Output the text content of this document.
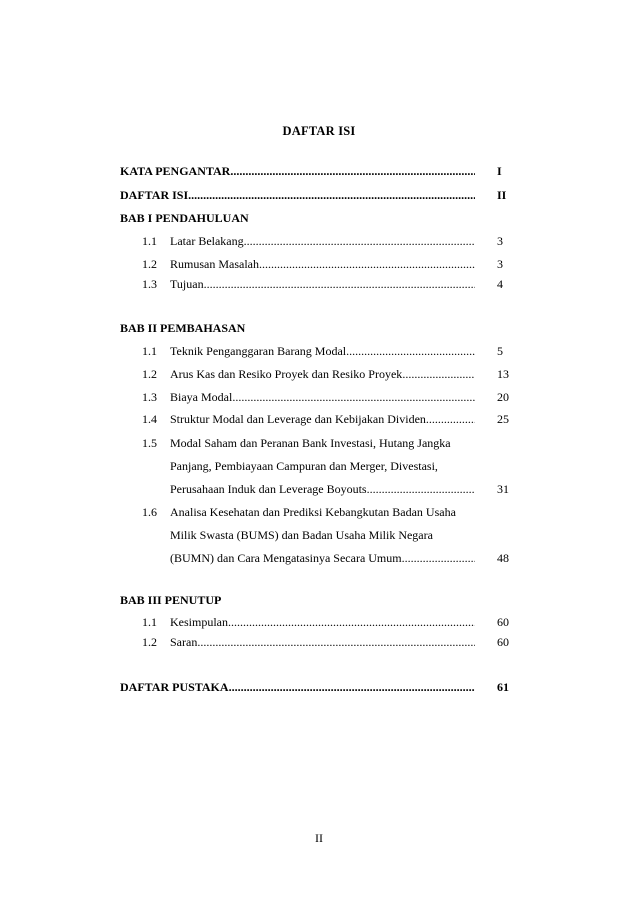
DAFTAR ISI
KATA PENGANTAR .....	I
DAFTAR ISI .....	II
BAB I PENDAHULUAN
1.1 Latar Belakang .....	3
1.2 Rumusan Masalah .....	3
1.3 Tujuan .....	4
BAB II PEMBAHASAN
1.1 Teknik Penganggaran Barang Modal .....	5
1.2 Arus Kas dan Resiko Proyek dan Resiko Proyek .....	13
1.3 Biaya Modal .....	20
1.4 Struktur Modal dan Leverage dan Kebijakan Dividen .....	25
1.5 Modal Saham dan Peranan Bank Investasi, Hutang Jangka
Panjang, Pembiayaan Campuran dan Merger, Divestasi,
Perusahaan Induk dan Leverage Boyouts .....	31
1.6 Analisa Kesehatan dan Prediksi Kebangkutan Badan Usaha
Milik Swasta (BUMS) dan Badan Usaha Milik Negara
(BUMN) dan Cara Mengatasinya Secara Umum .....	48
BAB III PENUTUP
1.1 Kesimpulan .....	60
1.2 Saran .....	60
DAFTAR PUSTAKA .....	61
II
